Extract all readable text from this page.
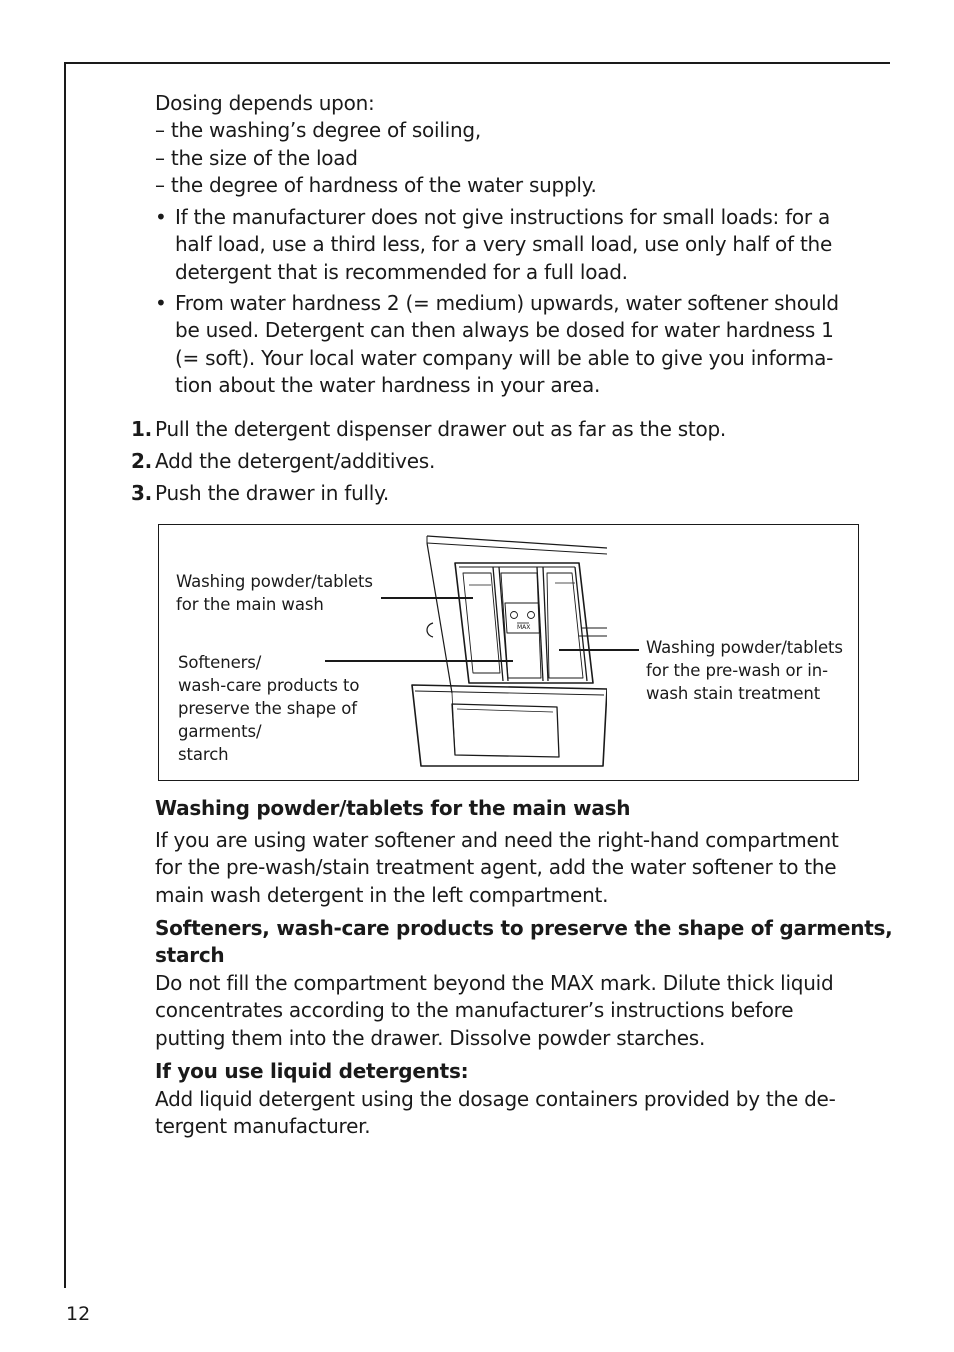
Dosing depends upon:
– the washing’s degree of soiling,
– the size of the load
– the degree of hardness of the water supply.
• If the manufacturer does not give instructions for small loads: for a
half load, use a third less, for a very small load, use only half of the
detergent that is recommended for a full load.
• From water hardness 2 (= medium) upwards, water softener should
be used. Detergent can then always be dosed for water hardness 1
(= soft). Your local water company will be able to give you informa-
tion about the water hardness in your area.
1. Pull the detergent dispenser drawer out as far as the stop.
2. Add the detergent/additives.
3. Push the drawer in fully.
Washing powder/tablets
for the main wash
Softeners/
wash-care products to
preserve the shape of
garments/
starch
Washing powder/tablets
for the pre-wash or in-
wash stain treatment
MAX
Washing powder/tablets for the main wash
If you are using water softener and need the right-hand compartment
for the pre-wash/stain treatment agent, add the water softener to the
main wash detergent in the left compartment.
Softeners, wash-care products to preserve the shape of garments,
starch
Do not fill the compartment beyond the MAX mark. Dilute thick liquid
concentrates according to the manufacturer’s instructions before
putting them into the drawer. Dissolve powder starches.
If you use liquid detergents:
Add liquid detergent using the dosage containers provided by the de-
tergent manufacturer.
12
